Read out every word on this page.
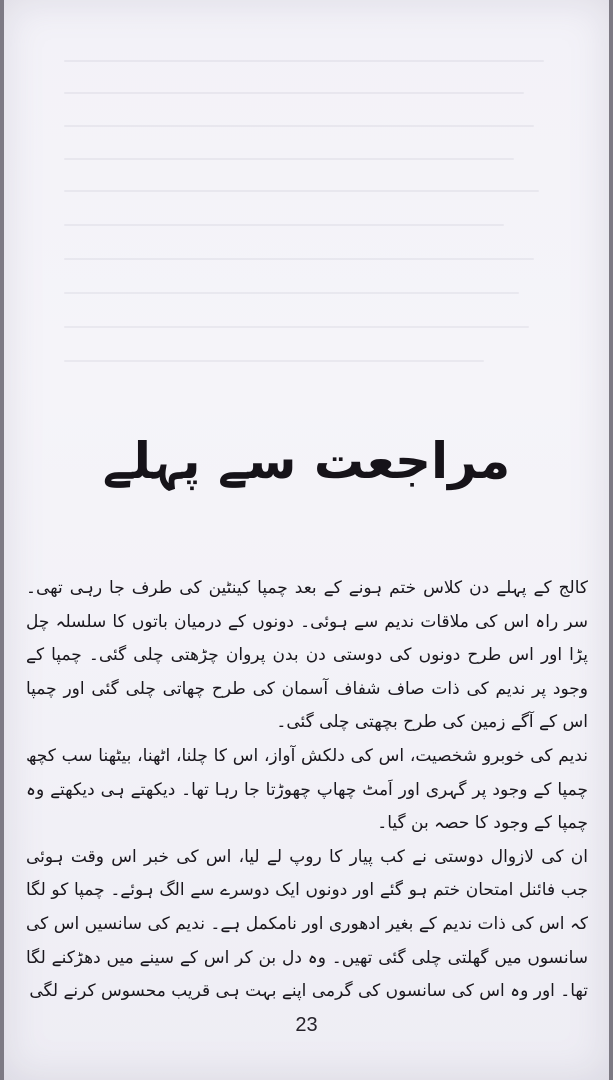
مراجعت سے پہلے

کالج کے پہلے دن کلاس ختم ہونے کے بعد چمپا کینٹین کی طرف جا رہی تھی۔ سر راہ اس کی ملاقات ندیم سے ہوئی۔ دونوں کے درمیان باتوں کا سلسلہ چل پڑا اور اس طرح دونوں کی دوستی دن بدن پروان چڑھتی چلی گئی۔ چمپا کے وجود پر ندیم کی ذات صاف شفاف آسمان کی طرح چھاتی چلی گئی اور چمپا اس کے آگے زمین کی طرح بچھتی چلی گئی۔

ندیم کی خوبرو شخصیت، اس کی دلکش آواز، اس کا چلنا، اٹھنا، بیٹھنا سب کچھ چمپا کے وجود پر گہری اور اَمٹ چھاپ چھوڑتا جا رہا تھا۔ دیکھتے ہی دیکھتے وہ چمپا کے وجود کا حصہ بن گیا۔

ان کی لازوال دوستی نے کب پیار کا روپ لے لیا، اس کی خبر اس وقت ہوئی جب فائنل امتحان ختم ہو گئے اور دونوں ایک دوسرے سے الگ ہوئے۔ چمپا کو لگا کہ اس کی ذات ندیم کے بغیر ادھوری اور نامکمل ہے۔ ندیم کی سانسیں اس کی سانسوں میں گھلتی چلی گئی تھیں۔ وہ دل بن کر اس کے سینے میں دھڑکنے لگا تھا۔ اور وہ اس کی سانسوں کی گرمی اپنے بہت ہی قریب محسوس کرنے لگی

23
